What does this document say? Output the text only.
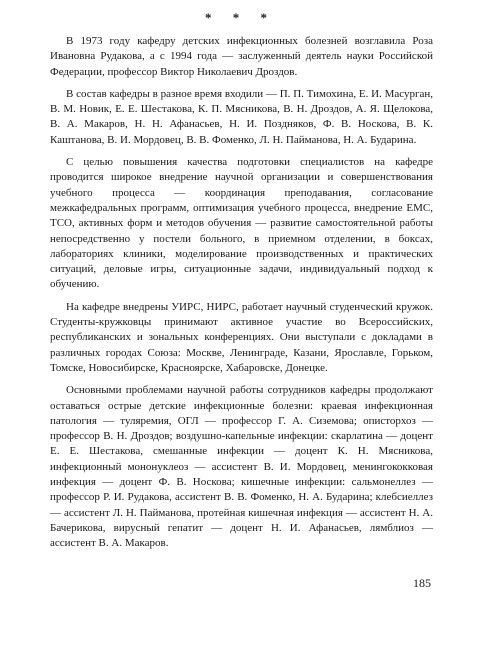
* * *

В 1973 году кафедру детских инфекционных болезней возглавила Роза Ивановна Рудакова, а с 1994 года — заслуженный деятель науки Российской Федерации, профессор Виктор Николаевич Дроздов.

В состав кафедры в разное время входили — П. П. Тимохина, Е. И. Масурган, В. М. Новик, Е. Е. Шестакова, К. П. Мясникова, В. Н. Дроздов, А. Я. Щелокова, В. А. Макаров, Н. Н. Афанасьев, Н. И. Поздняков, Ф. В. Носкова, В. К. Каштанова, В. И. Мордовец, В. В. Фоменко, Л. Н. Пайманова, Н. А. Бударина.

С целью повышения качества подготовки специалистов на кафедре проводится широкое внедрение научной организации и совершенствования учебного процесса — координация преподавания, согласование межкафедральных программ, оптимизация учебного процесса, внедрение ЕМС, ТСО, активных форм и методов обучения — развитие самостоятельной работы непосредственно у постели больного, в приемном отделении, в боксах, лабораториях клиники, моделирование производственных и практических ситуаций, деловые игры, ситуационные задачи, индивидуальный подход к обучению.

На кафедре внедрены УИРС, НИРС, работает научный студенческий кружок. Студенты-кружковцы принимают активное участие во Всероссийских, республиканских и зональных конференциях. Они выступали с докладами в различных городах Союза: Москве, Ленинграде, Казани, Ярославле, Горьком, Томске, Новосибирске, Красноярске, Хабаровске, Донецке.

Основными проблемами научной работы сотрудников кафедры продолжают оставаться острые детские инфекционные болезни: краевая инфекционная патология — туляремия, ОГЛ — профессор Г. А. Сиземова; описторхоз — профессор В. Н. Дроздов; воздушно-капельные инфекции: скарлатина — доцент Е. Е. Шестакова, смешанные инфекции — доцент К. Н. Мясникова, инфекционный мононуклеоз — ассистент В. И. Мордовец, менингококковая инфекция — доцент Ф. В. Носкова; кишечные инфекции: сальмонеллез — профессор Р. И. Рудакова, ассистент В. В. Фоменко, Н. А. Бударина; клебсиеллез — ассистент Л. Н. Пайманова, протейная кишечная инфекция — ассистент Н. А. Бачерикова, вирусный гепатит — доцент Н. И. Афанасьев, лямблиоз — ассистент В. А. Макаров.

185
